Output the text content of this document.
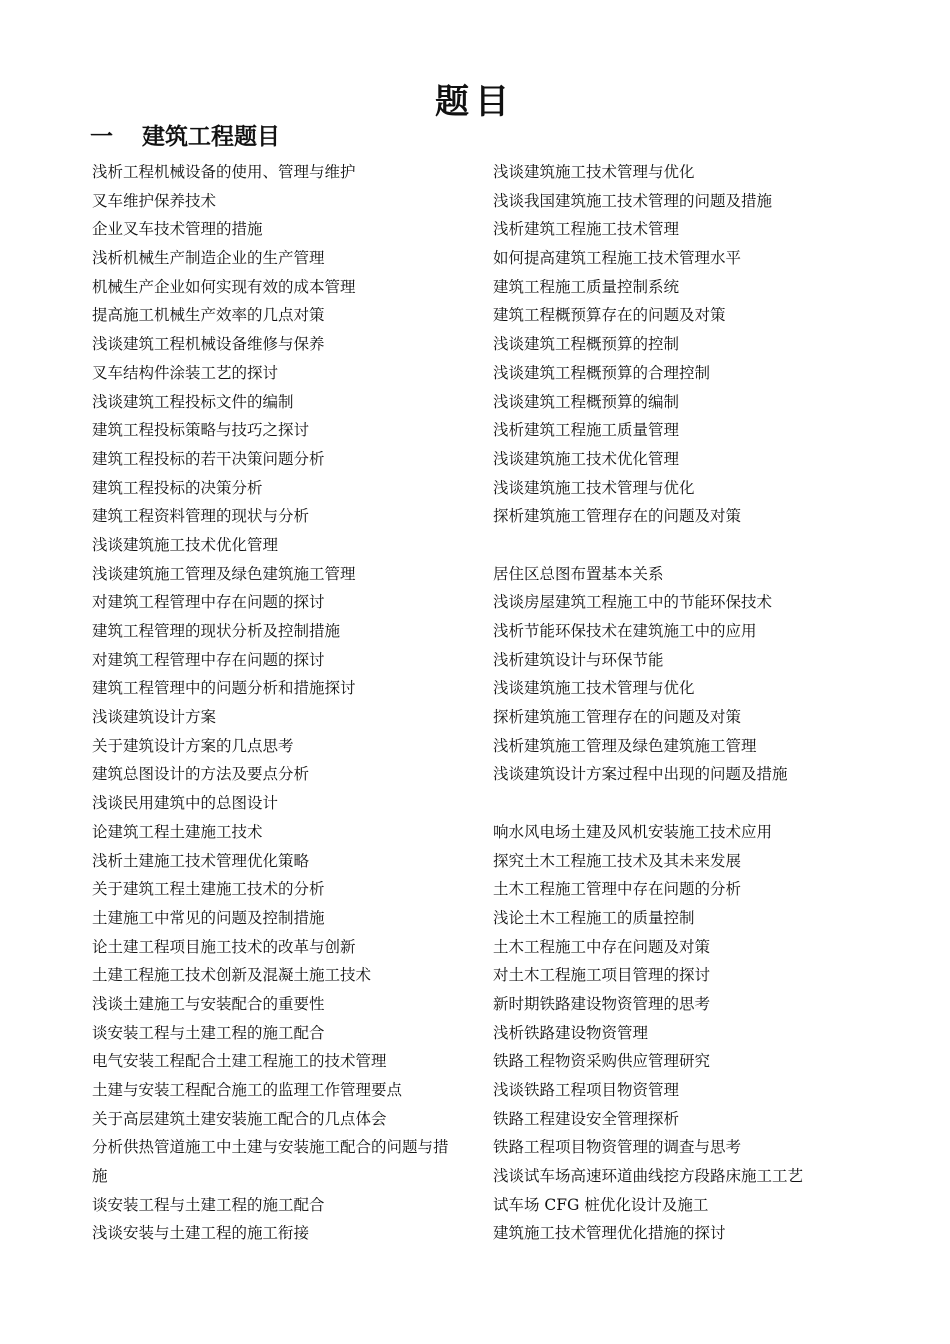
题目
一 建筑工程题目
浅析工程机械设备的使用、管理与维护
叉车维护保养技术
企业叉车技术管理的措施
浅析机械生产制造企业的生产管理
机械生产企业如何实现有效的成本管理
提高施工机械生产效率的几点对策
浅谈建筑工程机械设备维修与保养
叉车结构件涂装工艺的探讨
浅谈建筑工程投标文件的编制
建筑工程投标策略与技巧之探讨
建筑工程投标的若干决策问题分析
建筑工程投标的决策分析
建筑工程资料管理的现状与分析
浅谈建筑施工技术优化管理
浅谈建筑施工管理及绿色建筑施工管理
对建筑工程管理中存在问题的探讨
建筑工程管理的现状分析及控制措施
对建筑工程管理中存在问题的探讨
建筑工程管理中的问题分析和措施探讨
浅谈建筑设计方案
关于建筑设计方案的几点思考
建筑总图设计的方法及要点分析
浅谈民用建筑中的总图设计
论建筑工程土建施工技术
浅析土建施工技术管理优化策略
关于建筑工程土建施工技术的分析
土建施工中常见的问题及控制措施
论土建工程项目施工技术的改革与创新
土建工程施工技术创新及混凝土施工技术
浅谈土建施工与安装配合的重要性
谈安装工程与土建工程的施工配合
电气安装工程配合土建工程施工的技术管理
土建与安装工程配合施工的监理工作管理要点
关于高层建筑土建安装施工配合的几点体会
分析供热管道施工中土建与安装施工配合的问题与措施
谈安装工程与土建工程的施工配合
浅谈安装与土建工程的施工衔接
浅谈建筑施工技术管理与优化
浅谈我国建筑施工技术管理的问题及措施
浅析建筑工程施工技术管理
如何提高建筑工程施工技术管理水平
建筑工程施工质量控制系统
建筑工程概预算存在的问题及对策
浅谈建筑工程概预算的控制
浅谈建筑工程概预算的合理控制
浅谈建筑工程概预算的编制
浅析建筑工程施工质量管理
浅谈建筑施工技术优化管理
浅谈建筑施工技术管理与优化
探析建筑施工管理存在的问题及对策
居住区总图布置基本关系
浅谈房屋建筑工程施工中的节能环保技术
浅析节能环保技术在建筑施工中的应用
浅析建筑设计与环保节能
浅谈建筑施工技术管理与优化
探析建筑施工管理存在的问题及对策
浅析建筑施工管理及绿色建筑施工管理
浅谈建筑设计方案过程中出现的问题及措施
响水风电场土建及风机安装施工技术应用
探究土木工程施工技术及其未来发展
土木工程施工管理中存在问题的分析
浅论土木工程施工的质量控制
土木工程施工中存在问题及对策
对土木工程施工项目管理的探讨
新时期铁路建设物资管理的思考
浅析铁路建设物资管理
铁路工程物资采购供应管理研究
浅谈铁路工程项目物资管理
铁路工程建设安全管理探析
铁路工程项目物资管理的调查与思考
浅谈试车场高速环道曲线挖方段路床施工工艺
试车场 CFG 桩优化设计及施工
建筑施工技术管理优化措施的探讨
